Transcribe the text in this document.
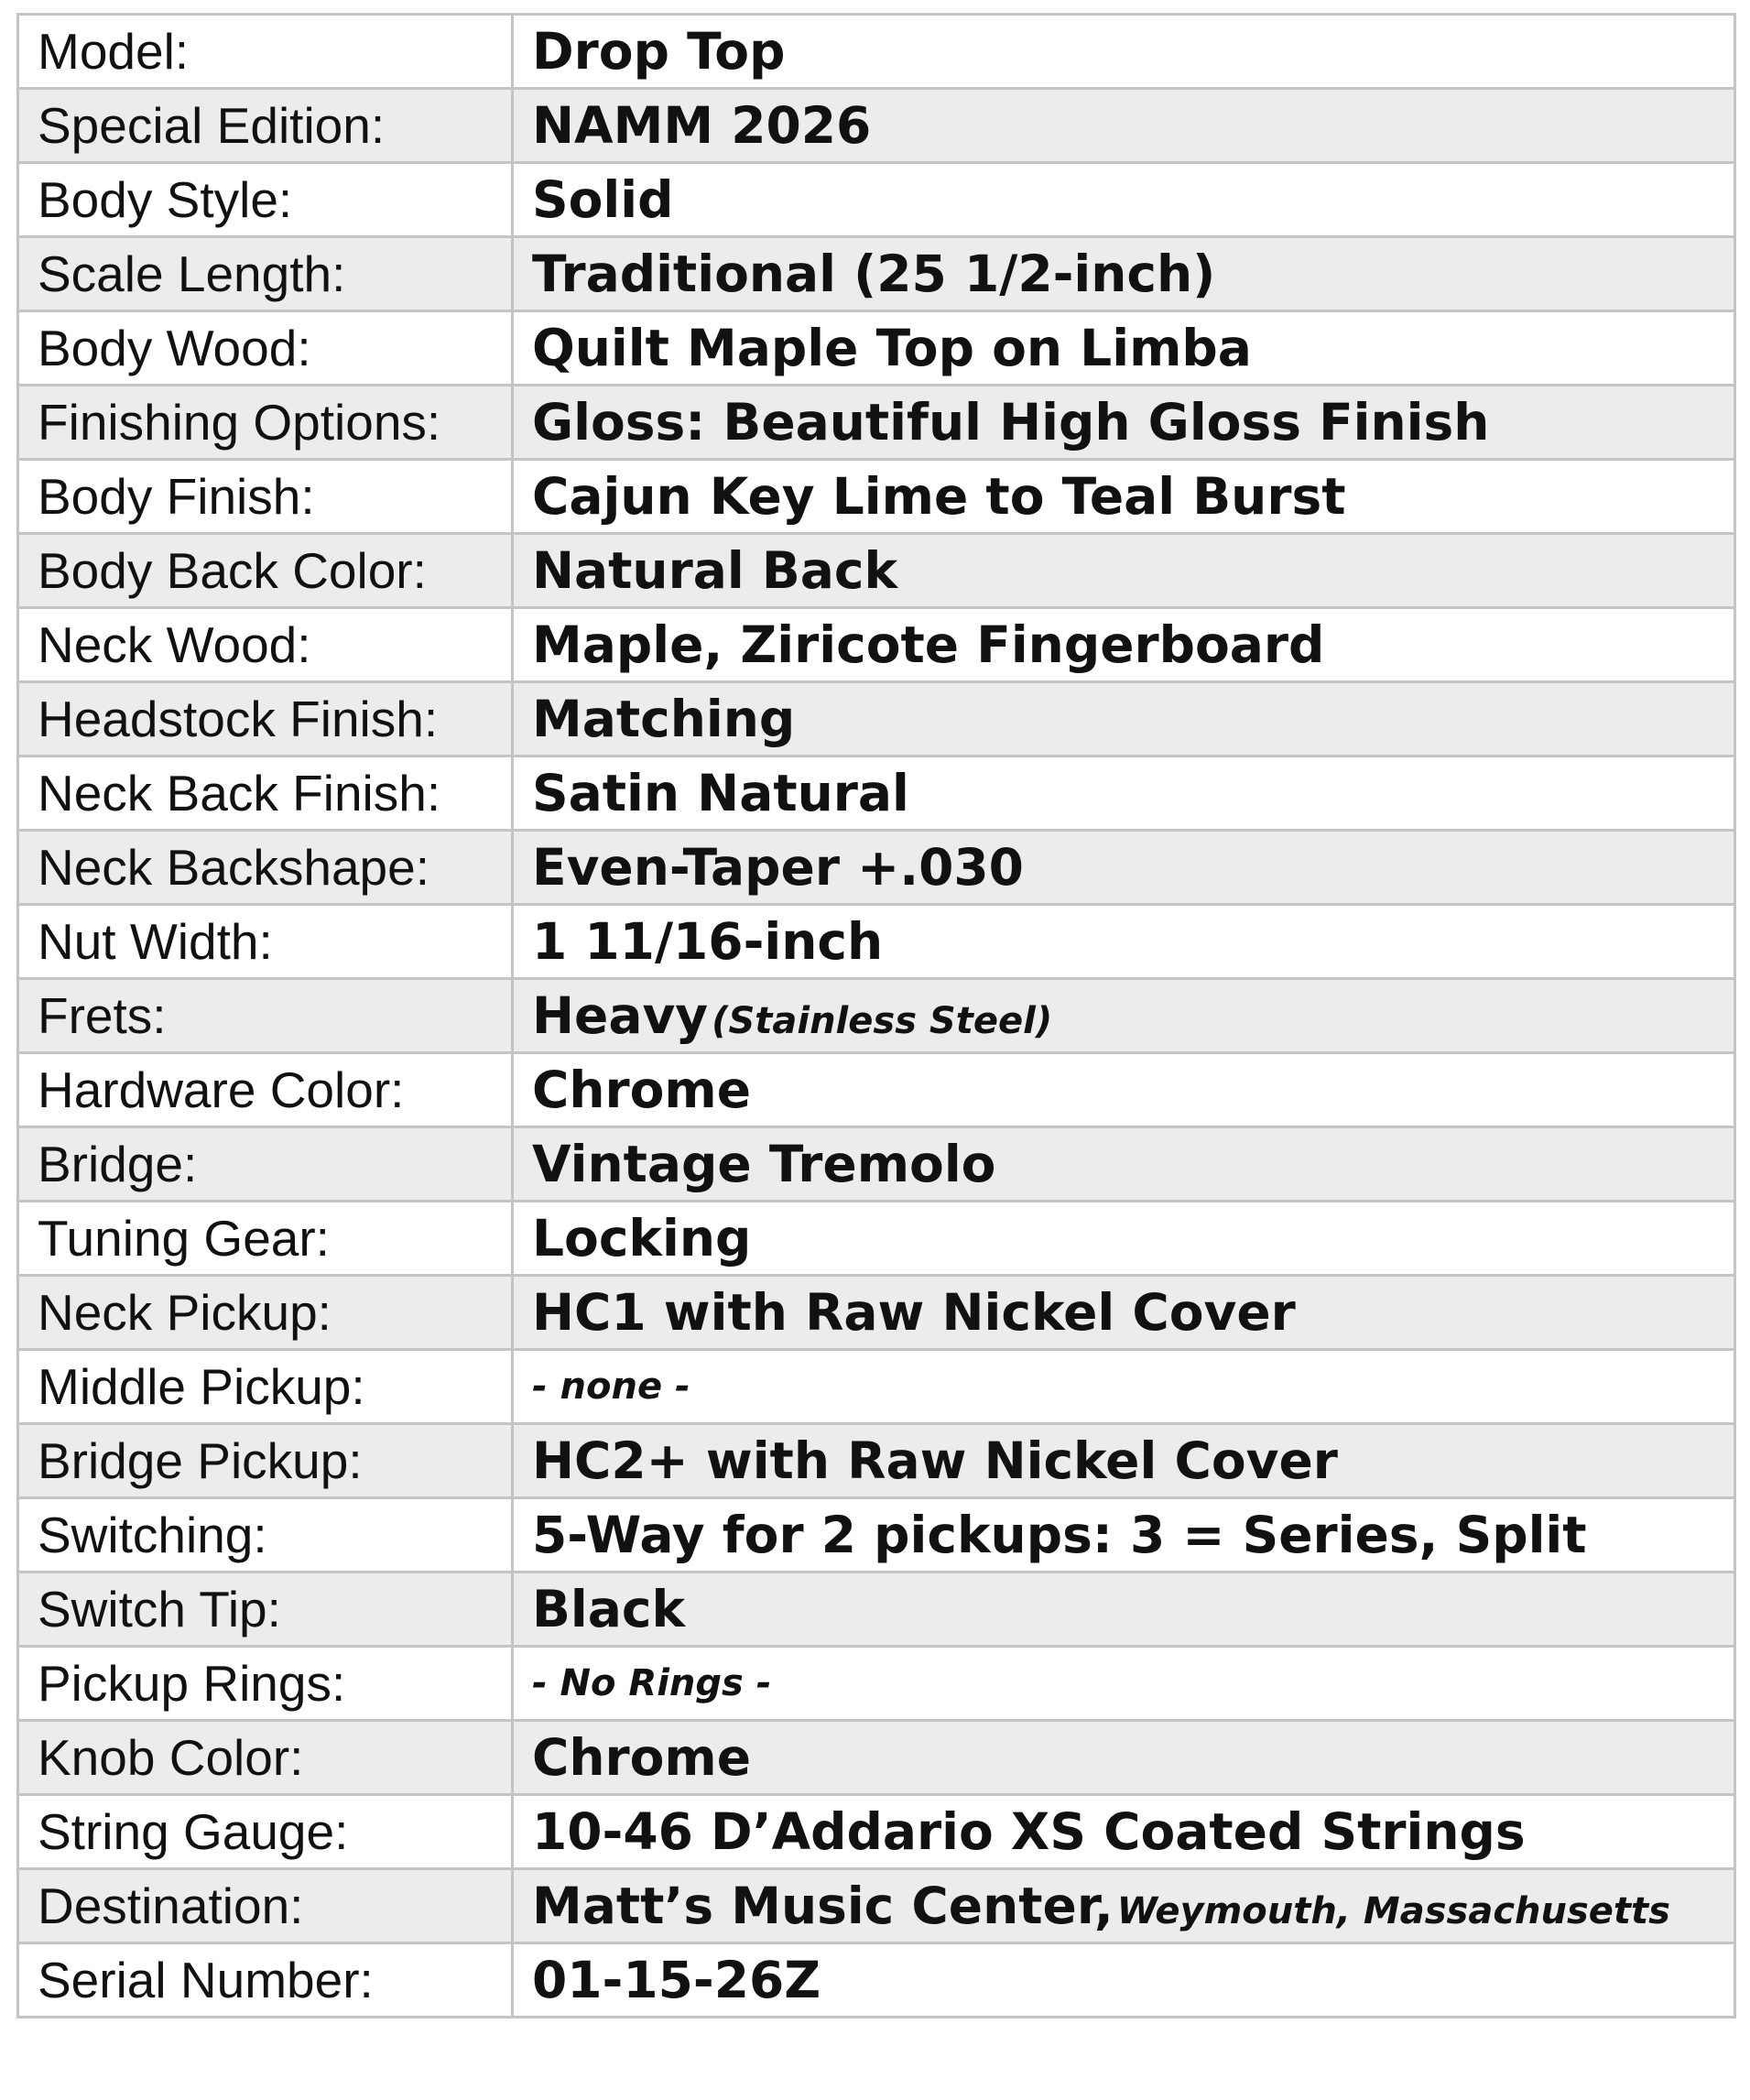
Model:	Drop Top
Special Edition:	NAMM 2026
Body Style:	Solid
Scale Length:	Traditional (25 1/2-inch)
Body Wood:	Quilt Maple Top on Limba
Finishing Options:	Gloss: Beautiful High Gloss Finish
Body Finish:	Cajun Key Lime to Teal Burst
Body Back Color:	Natural Back
Neck Wood:	Maple, Ziricote Fingerboard
Headstock Finish:	Matching
Neck Back Finish:	Satin Natural
Neck Backshape:	Even-Taper +.030
Nut Width:	1 11/16-inch
Frets:	Heavy (Stainless Steel)
Hardware Color:	Chrome
Bridge:	Vintage Tremolo
Tuning Gear:	Locking
Neck Pickup:	HC1 with Raw Nickel Cover
Middle Pickup:	- none -
Bridge Pickup:	HC2+ with Raw Nickel Cover
Switching:	5-Way for 2 pickups: 3 = Series, Split
Switch Tip:	Black
Pickup Rings:	- No Rings -
Knob Color:	Chrome
String Gauge:	10-46 D’Addario XS Coated Strings
Destination:	Matt’s Music Center, Weymouth, Massachusetts
Serial Number:	01-15-26Z
